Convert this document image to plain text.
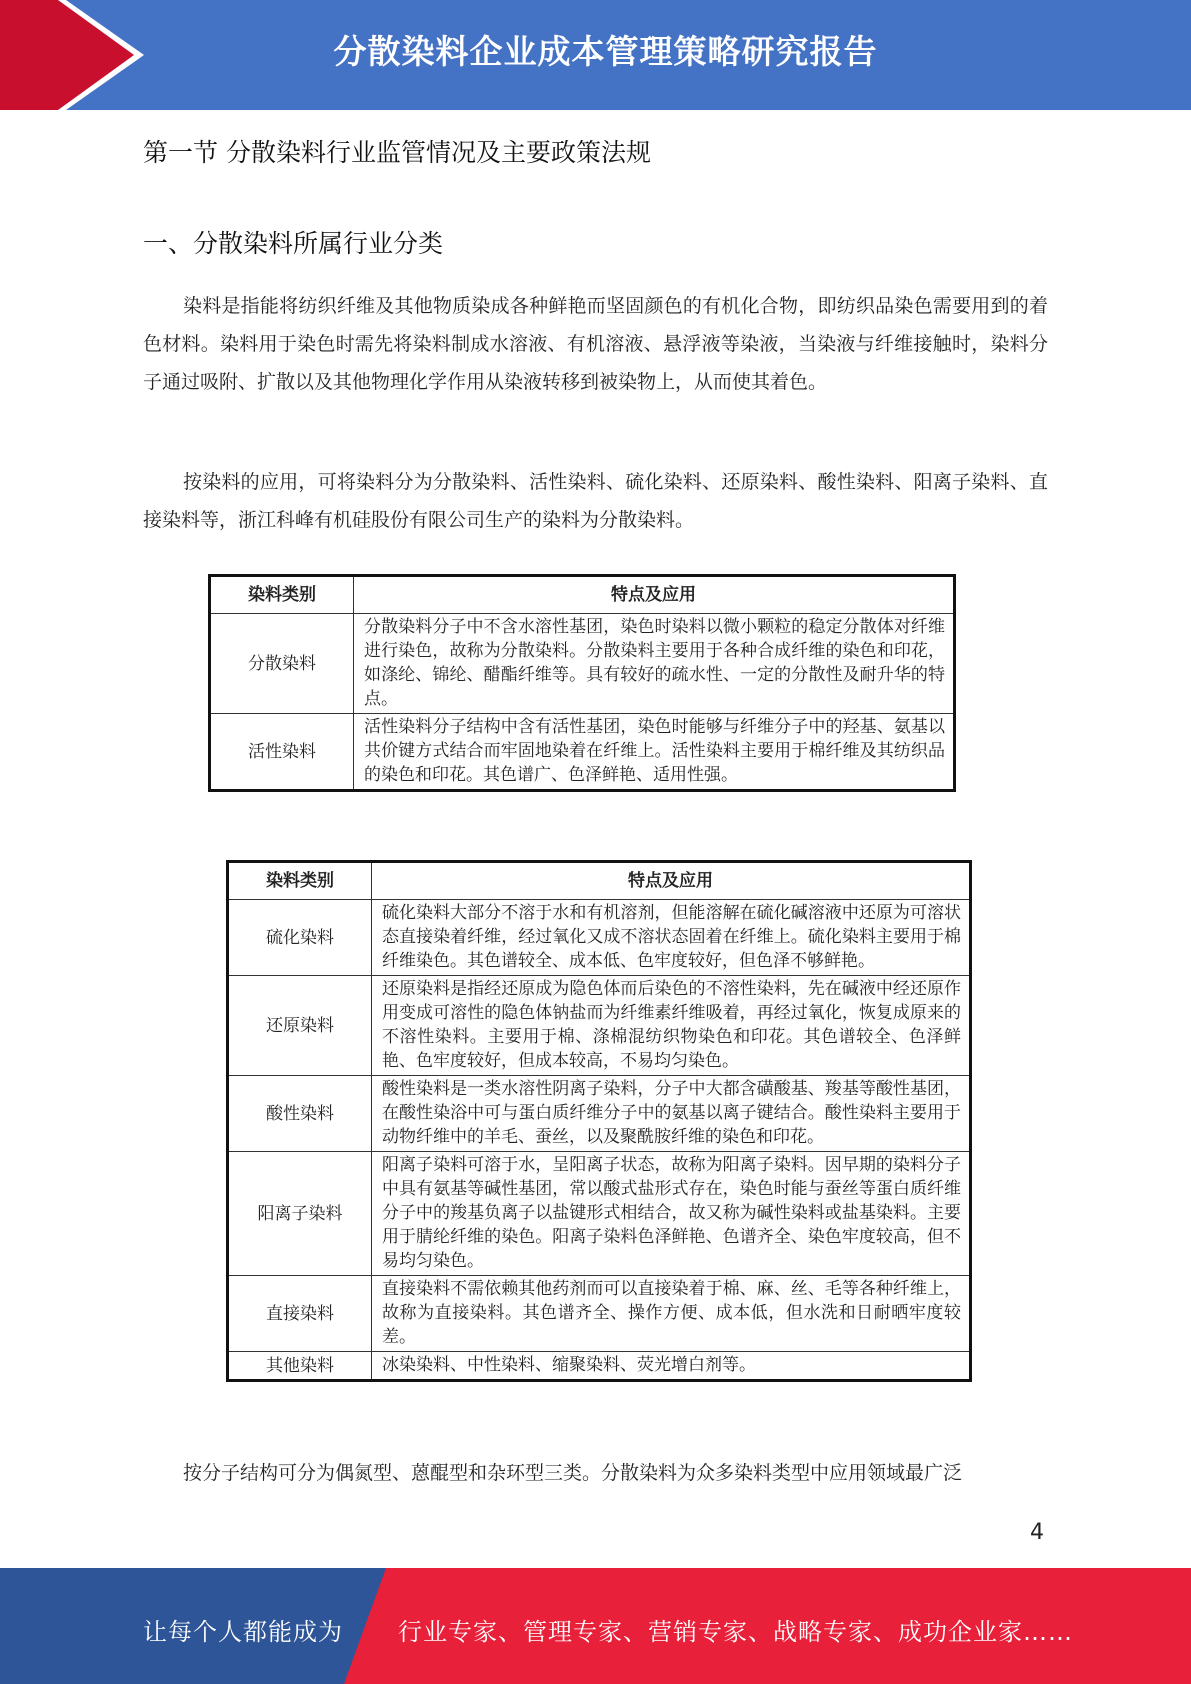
分散染料企业成本管理策略研究报告
第一节 分散染料行业监管情况及主要政策法规
一、分散染料所属行业分类

染料是指能将纺织纤维及其他物质染成各种鲜艳而坚固颜色的有机化合物，即纺织品染色需要用到的着色材料。染料用于染色时需先将染料制成水溶液、有机溶液、悬浮液等染液，当染液与纤维接触时，染料分子通过吸附、扩散以及其他物理化学作用从染液转移到被染物上，从而使其着色。

按染料的应用，可将染料分为分散染料、活性染料、硫化染料、还原染料、酸性染料、阳离子染料、直接染料等，浙江科峰有机硅股份有限公司生产的染料为分散染料。

染料类别	特点及应用
分散染料	分散染料分子中不含水溶性基团，染色时染料以微小颗粒的稳定分散体对纤维进行染色，故称为分散染料。分散染料主要用于各种合成纤维的染色和印花，如涤纶、锦纶、醋酯纤维等。具有较好的疏水性、一定的分散性及耐升华的特点。
活性染料	活性染料分子结构中含有活性基团，染色时能够与纤维分子中的羟基、氨基以共价键方式结合而牢固地染着在纤维上。活性染料主要用于棉纤维及其纺织品的染色和印花。其色谱广、色泽鲜艳、适用性强。
染料类别	特点及应用
硫化染料	硫化染料大部分不溶于水和有机溶剂，但能溶解在硫化碱溶液中还原为可溶状态直接染着纤维，经过氧化又成不溶状态固着在纤维上。硫化染料主要用于棉纤维染色。其色谱较全、成本低、色牢度较好，但色泽不够鲜艳。
还原染料	还原染料是指经还原成为隐色体而后染色的不溶性染料，先在碱液中经还原作用变成可溶性的隐色体钠盐而为纤维素纤维吸着，再经过氧化，恢复成原来的不溶性染料。主要用于棉、涤棉混纺织物染色和印花。其色谱较全、色泽鲜艳、色牢度较好，但成本较高，不易均匀染色。
酸性染料	酸性染料是一类水溶性阴离子染料，分子中大都含磺酸基、羧基等酸性基团，在酸性染浴中可与蛋白质纤维分子中的氨基以离子键结合。酸性染料主要用于动物纤维中的羊毛、蚕丝，以及聚酰胺纤维的染色和印花。
阳离子染料	阳离子染料可溶于水，呈阳离子状态，故称为阳离子染料。因早期的染料分子中具有氨基等碱性基团，常以酸式盐形式存在，染色时能与蚕丝等蛋白质纤维分子中的羧基负离子以盐键形式相结合，故又称为碱性染料或盐基染料。主要用于腈纶纤维的染色。阳离子染料色泽鲜艳、色谱齐全、染色牢度较高，但不易均匀染色。
直接染料	直接染料不需依赖其他药剂而可以直接染着于棉、麻、丝、毛等各种纤维上，故称为直接染料。其色谱齐全、操作方便、成本低，但水洗和日耐晒牢度较差。
其他染料	冰染染料、中性染料、缩聚染料、荧光增白剂等。

按分子结构可分为偶氮型、蒽醌型和杂环型三类。分散染料为众多染料类型中应用领域最广泛

4
让每个人都能成为 行业专家、管理专家、营销专家、战略专家、成功企业家……
